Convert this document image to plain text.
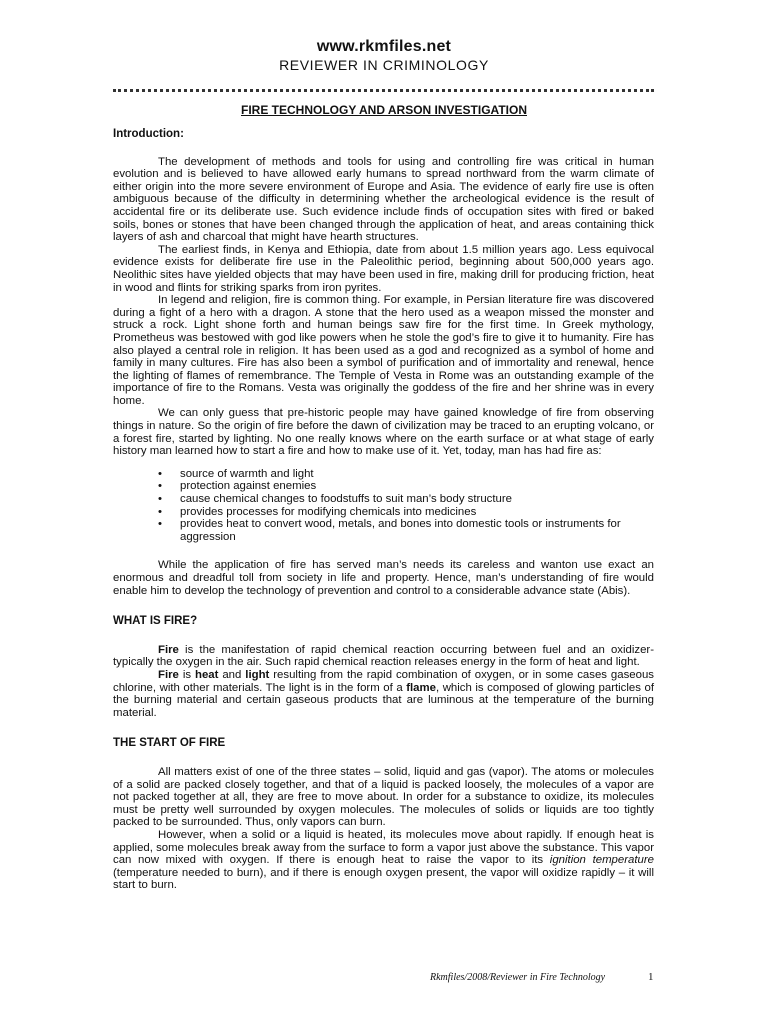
www.rkmfiles.net
REVIEWER IN CRIMINOLOGY
FIRE TECHNOLOGY AND ARSON INVESTIGATION
Introduction:

The development of methods and tools for using and controlling fire was critical in human evolution and is believed to have allowed early humans to spread northward from the warm climate of either origin into the more severe environment of Europe and Asia. The evidence of early fire use is often ambiguous because of the difficulty in determining whether the archeological evidence is the result of accidental fire or its deliberate use. Such evidence include finds of occupation sites with fired or baked soils, bones or stones that have been changed through the application of heat, and areas containing thick layers of ash and charcoal that might have hearth structures.

The earliest finds, in Kenya and Ethiopia, date from about 1.5 million years ago. Less equivocal evidence exists for deliberate fire use in the Paleolithic period, beginning about 500,000 years ago. Neolithic sites have yielded objects that may have been used in fire, making drill for producing friction, heat in wood and flints for striking sparks from iron pyrites.

In legend and religion, fire is common thing. For example, in Persian literature fire was discovered during a fight of a hero with a dragon. A stone that the hero used as a weapon missed the monster and struck a rock. Light shone forth and human beings saw fire for the first time. In Greek mythology, Prometheus was bestowed with god like powers when he stole the god’s fire to give it to humanity. Fire has also played a central role in religion. It has been used as a god and recognized as a symbol of home and family in many cultures. Fire has also been a symbol of purification and of immortality and renewal, hence the lighting of flames of remembrance. The Temple of Vesta in Rome was an outstanding example of the importance of fire to the Romans. Vesta was originally the goddess of the fire and her shrine was in every home.

We can only guess that pre-historic people may have gained knowledge of fire from observing things in nature. So the origin of fire before the dawn of civilization may be traced to an erupting volcano, or a forest fire, started by lighting. No one really knows where on the earth surface or at what stage of early history man learned how to start a fire and how to make use of it. Yet, today, man has had fire as:

• source of warmth and light
• protection against enemies
• cause chemical changes to foodstuffs to suit man’s body structure
• provides processes for modifying chemicals into medicines
• provides heat to convert wood, metals, and bones into domestic tools or instruments for aggression

While the application of fire has served man’s needs its careless and wanton use exact an enormous and dreadful toll from society in life and property. Hence, man’s understanding of fire would enable him to develop the technology of prevention and control to a considerable advance state (Abis).

WHAT IS FIRE?

Fire is the manifestation of rapid chemical reaction occurring between fuel and an oxidizer- typically the oxygen in the air. Such rapid chemical reaction releases energy in the form of heat and light.

Fire is heat and light resulting from the rapid combination of oxygen, or in some cases gaseous chlorine, with other materials. The light is in the form of a flame, which is composed of glowing particles of the burning material and certain gaseous products that are luminous at the temperature of the burning material.

THE START OF FIRE

All matters exist of one of the three states – solid, liquid and gas (vapor). The atoms or molecules of a solid are packed closely together, and that of a liquid is packed loosely, the molecules of a vapor are not packed together at all, they are free to move about. In order for a substance to oxidize, its molecules must be pretty well surrounded by oxygen molecules. The molecules of solids or liquids are too tightly packed to be surrounded. Thus, only vapors can burn.

However, when a solid or a liquid is heated, its molecules move about rapidly. If enough heat is applied, some molecules break away from the surface to form a vapor just above the substance. This vapor can now mixed with oxygen. If there is enough heat to raise the vapor to its ignition temperature (temperature needed to burn), and if there is enough oxygen present, the vapor will oxidize rapidly – it will start to burn.

Rkmfiles/2008/Reviewer in Fire Technology	1
